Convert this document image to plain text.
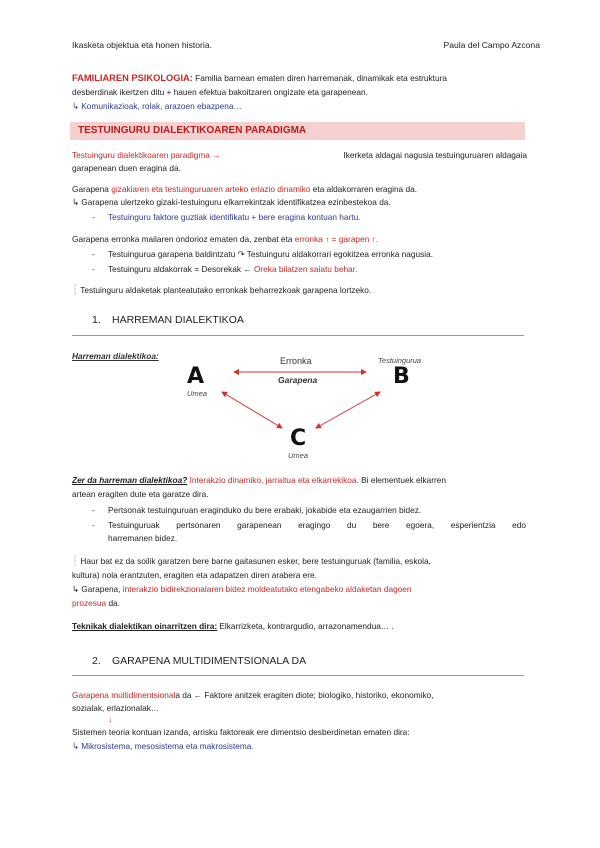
Ikasketa objektua eta honen historia.	Paula del Campo Azcona
FAMILIAREN PSIKOLOGIA: Familia barnean ematen diren harremanak, dinamikak eta estruktura
desberdinak ikertzen ditu + hauen efektua bakoitzaren ongizate eta garapenean.
↳ Komunikazioak, rolak, arazoen ebazpena…
TESTUINGURU DIALEKTIKOAREN PARADIGMA
Testuinguru dialektikoaren paradigma →	Ikerketa aldagai nagusia testuinguruaren aldagaia
garapenean duen eragina da.
Garapena gizakiaren eta testuinguruaren arteko erlazio dinamiko eta aldakorraren eragina da.
↳ Garapena ulertzeko gizaki-testuinguru elkarrekintzak identifikatzea ezinbestekoa da.
- Testuinguru faktore guztiak identifikatu + bere eragina kontuan hartu.
Garapena erronka mailaren ondorioz ematen da, zenbat eta erronka ↑ = garapen ↑.
- Testuingurua garapena baldintzatu ↷ Testuinguru aldakorrari egokitzea erronka nagusia.
- Testuinguru aldakorrak = Desorekak ← Oreka bilatzen saiatu behar.
┆ Testuinguru aldaketak planteatutako erronkak beharrezkoak garapena lortzeko.
1. HARREMAN DIALEKTIKOA
Harreman dialektikoa:	Erronka
Garapena
A
Umea
B
Testuingurua
C
Umea
Zer da harreman dialektikoa? Interakzio dinamiko, jarraitua eta elkarrekikoa. Bi elementuek elkarren
artean eragiten dute eta garatze dira.
- Pertsonak testuinguruan eraginduko du bere erabaki, jokabide eta ezaugarrien bidez.
- Testuinguruak pertsonaren garapenean eragingo du bere egoera, esperientzia edo
harremanen bidez.
┆ Haur bat ez da soilik garatzen bere barne gaitasunen esker, bere testuinguruak (familia, eskola,
kultura) nola erantzuten, eragiten eta adapatzen diren arabera ere.
↳ Garapena, interakzio bidirekzionalaren bidez moldeatutako etengabeko aldaketan dagoen
prozesua da.
Teknikak dialektikan oinarritzen dira: Elkarrizketa, kontrargudio, arrazonamendua… .
2. GARAPENA MULTIDIMENTSIONALA DA
Garapena multidimentsionala da ← Faktore anitzek eragiten diote; biologiko, historiko, ekonomiko,
sozialak, erlazionalak…
↓
Sistemen teoria kontuan izanda, arrisku faktoreak ere dimentsio desberdinetan ematen dira:
↳ Mikrosistema, mesosistema eta makrosistema.
